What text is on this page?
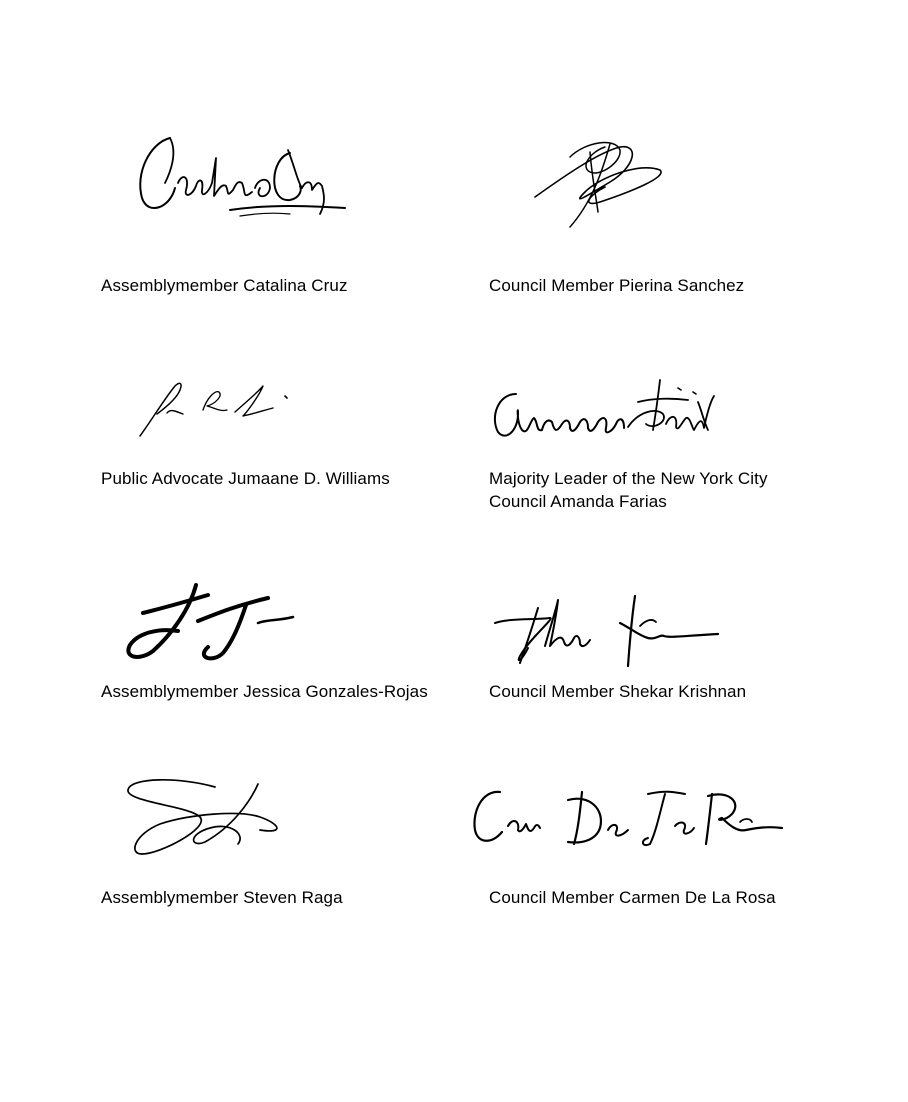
Assemblymember Catalina Cruz	Council Member Pierina Sanchez
Public Advocate Jumaane D. Williams	Majority Leader of the New York City
Council Amanda Farias
Assemblymember Jessica Gonzales-Rojas	Council Member Shekar Krishnan
Assemblymember Steven Raga	Council Member Carmen De La Rosa
